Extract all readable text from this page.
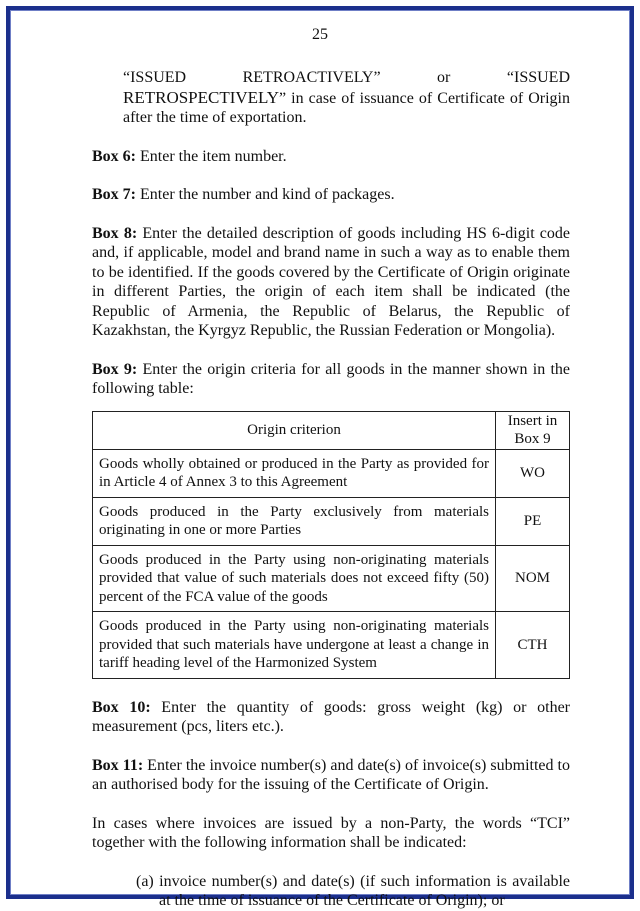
25

“ISSUED RETROACTIVELY” or “ISSUED RETROSPECTIVELY” in case of issuance of Certificate of Origin after the time of exportation.

Box 6: Enter the item number.

Box 7: Enter the number and kind of packages.

Box 8: Enter the detailed description of goods including HS 6-digit code and, if applicable, model and brand name in such a way as to enable them to be identified. If the goods covered by the Certificate of Origin originate in different Parties, the origin of each item shall be indicated (the Republic of Armenia, the Republic of Belarus, the Republic of Kazakhstan, the Kyrgyz Republic, the Russian Federation or Mongolia).

Box 9: Enter the origin criteria for all goods in the manner shown in the following table:

Origin criterion	Insert in Box 9
Goods wholly obtained or produced in the Party as provided for in Article 4 of Annex 3 to this Agreement	WO
Goods produced in the Party exclusively from materials originating in one or more Parties	PE
Goods produced in the Party using non-originating materials provided that value of such materials does not exceed fifty (50) percent of the FCA value of the goods	NOM
Goods produced in the Party using non-originating materials provided that such materials have undergone at least a change in tariff heading level of the Harmonized System	CTH

Box 10: Enter the quantity of goods: gross weight (kg) or other measurement (pcs, liters etc.).

Box 11: Enter the invoice number(s) and date(s) of invoice(s) submitted to an authorised body for the issuing of the Certificate of Origin.

In cases where invoices are issued by a non-Party, the words “TCI” together with the following information shall be indicated:

(a) invoice number(s) and date(s) (if such information is available at the time of issuance of the Certificate of Origin); or
